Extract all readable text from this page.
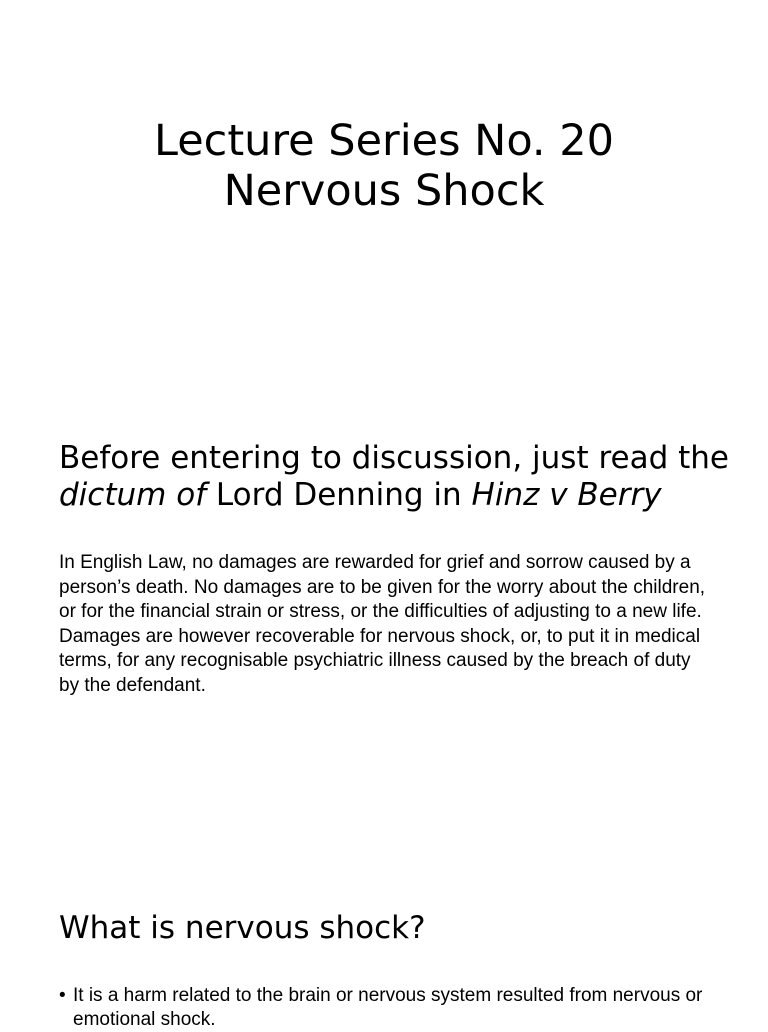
Lecture Series No. 20
Nervous Shock
Before entering to discussion, just read the dictum of Lord Denning in Hinz v Berry
In English Law, no damages are rewarded for grief and sorrow caused by a person’s death. No damages are to be given for the worry about the children, or for the financial strain or stress, or the difficulties of adjusting to a new life. Damages are however recoverable for nervous shock, or, to put it in medical terms, for any recognisable psychiatric illness caused by the breach of duty by the defendant.
What is nervous shock?
• It is a harm related to the brain or nervous system resulted from nervous or emotional shock.
